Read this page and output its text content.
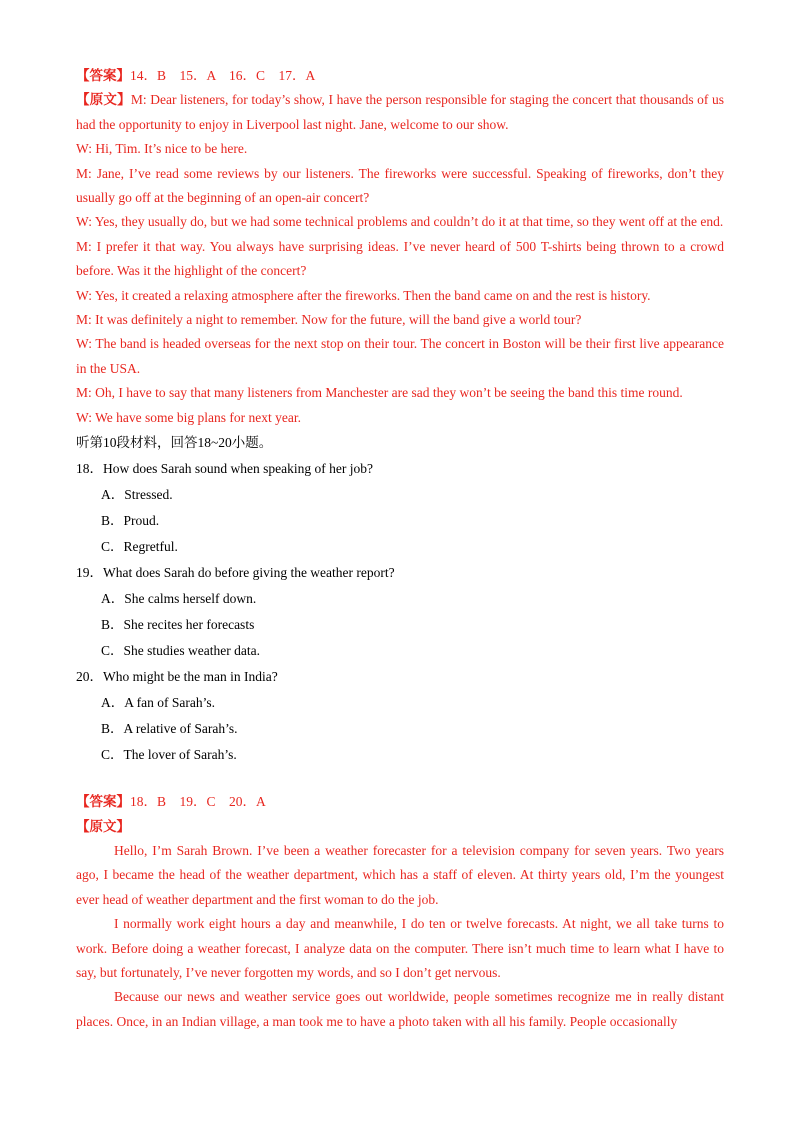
【答案】14．B　15．A　16．C　17．A

【原文】M: Dear listeners, for today’s show, I have the person responsible for staging the concert that thousands of us had the opportunity to enjoy in Liverpool last night. Jane, welcome to our show.

W: Hi, Tim. It’s nice to be here.

M: Jane, I’ve read some reviews by our listeners. The fireworks were successful. Speaking of fireworks, don’t they usually go off at the beginning of an open-air concert?

W: Yes, they usually do, but we had some technical problems and couldn’t do it at that time, so they went off at the end.

M: I prefer it that way. You always have surprising ideas. I’ve never heard of 500 T-shirts being thrown to a crowd before. Was it the highlight of the concert?

W: Yes, it created a relaxing atmosphere after the fireworks. Then the band came on and the rest is history.

M: It was definitely a night to remember. Now for the future, will the band give a world tour?

W: The band is headed overseas for the next stop on their tour. The concert in Boston will be their first live appearance in the USA.

M: Oh, I have to say that many listeners from Manchester are sad they won’t be seeing the band this time round.

W: We have some big plans for next year.

听第10段材料，回答18~20小题。

18．How does Sarah sound when speaking of her job?

A．Stressed.

B．Proud.

C．Regretful.

19．What does Sarah do before giving the weather report?

A．She calms herself down.

B．She recites her forecasts

C．She studies weather data.

20．Who might be the man in India?

A．A fan of Sarah’s.

B．A relative of Sarah’s.

C．The lover of Sarah’s.

【答案】18．B　19．C　20．A

【原文】

Hello, I’m Sarah Brown. I’ve been a weather forecaster for a television company for seven years. Two years ago, I became the head of the weather department, which has a staff of eleven. At thirty years old, I’m the youngest ever head of weather department and the first woman to do the job.

I normally work eight hours a day and meanwhile, I do ten or twelve forecasts. At night, we all take turns to work. Before doing a weather forecast, I analyze data on the computer. There isn’t much time to learn what I have to say, but fortunately, I’ve never forgotten my words, and so I don’t get nervous.

Because our news and weather service goes out worldwide, people sometimes recognize me in really distant places. Once, in an Indian village, a man took me to have a photo taken with all his family. People occasionally
